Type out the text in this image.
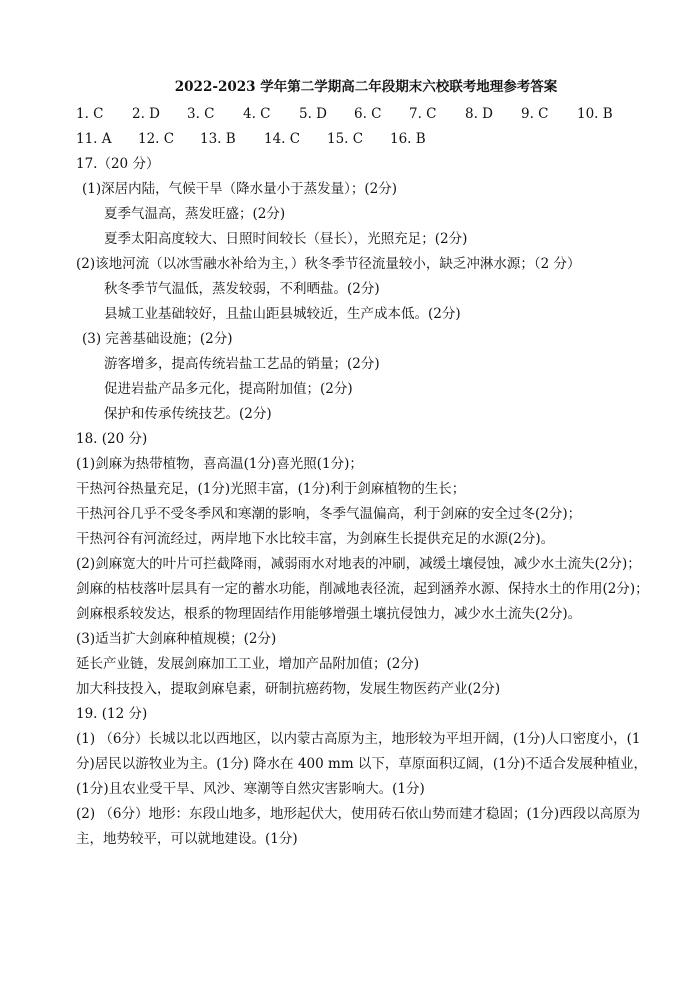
2022-2023 学年第二学期高二年段期末六校联考地理参考答案
1. C	2. D	3. C	4. C	5. D	6. C	7. C	8. D	9. C	10. B
11. A	12. C	13. B	14. C	15. C	16. B
17.（20 分）
(1)深居内陆，气候干旱（降水量小于蒸发量）；(2分)
夏季气温高，蒸发旺盛；(2分)
夏季太阳高度较大、日照时间较长（昼长），光照充足；(2分)
(2)该地河流（以冰雪融水补给为主，）秋冬季节径流量较小，缺乏冲淋水源；（2 分）
秋冬季节气温低，蒸发较弱，不利晒盐。(2分)
县城工业基础较好，且盐山距县城较近，生产成本低。(2分)
(3) 完善基础设施；(2分)
游客增多，提高传统岩盐工艺品的销量；(2分)
促进岩盐产品多元化，提高附加值；(2分)
保护和传承传统技艺。(2分)
18. (20 分)
(1)剑麻为热带植物，喜高温(1分)喜光照(1分)；
干热河谷热量充足，(1分)光照丰富，(1分)利于剑麻植物的生长；
干热河谷几乎不受冬季风和寒潮的影响，冬季气温偏高，利于剑麻的安全过冬(2分)；
干热河谷有河流经过，两岸地下水比较丰富，为剑麻生长提供充足的水源(2分)。
(2)剑麻宽大的叶片可拦截降雨，减弱雨水对地表的冲刷，减缓土壤侵蚀，减少水土流失(2分)；
剑麻的枯枝落叶层具有一定的蓄水功能，削减地表径流，起到涵养水源、保持水土的作用(2分)；
剑麻根系较发达，根系的物理固结作用能够增强土壤抗侵蚀力，减少水土流失(2分)。
(3)适当扩大剑麻种植规模；(2分)
延长产业链，发展剑麻加工工业，增加产品附加值；(2分)
加大科技投入，提取剑麻皂素，研制抗癌药物，发展生物医药产业(2分)
19. (12 分)
(1) （6分）长城以北以西地区，以内蒙古高原为主，地形较为平坦开阔，(1分)人口密度小，(1分)居民以游牧业为主。(1分) 降水在 400 mm 以下，草原面积辽阔，(1分)不适合发展种植业，(1分)且农业受干旱、风沙、寒潮等自然灾害影响大。(1分)
(2) （6分）地形：东段山地多，地形起伏大，使用砖石依山势而建才稳固；(1分)西段以高原为主，地势较平，可以就地建设。(1分)
